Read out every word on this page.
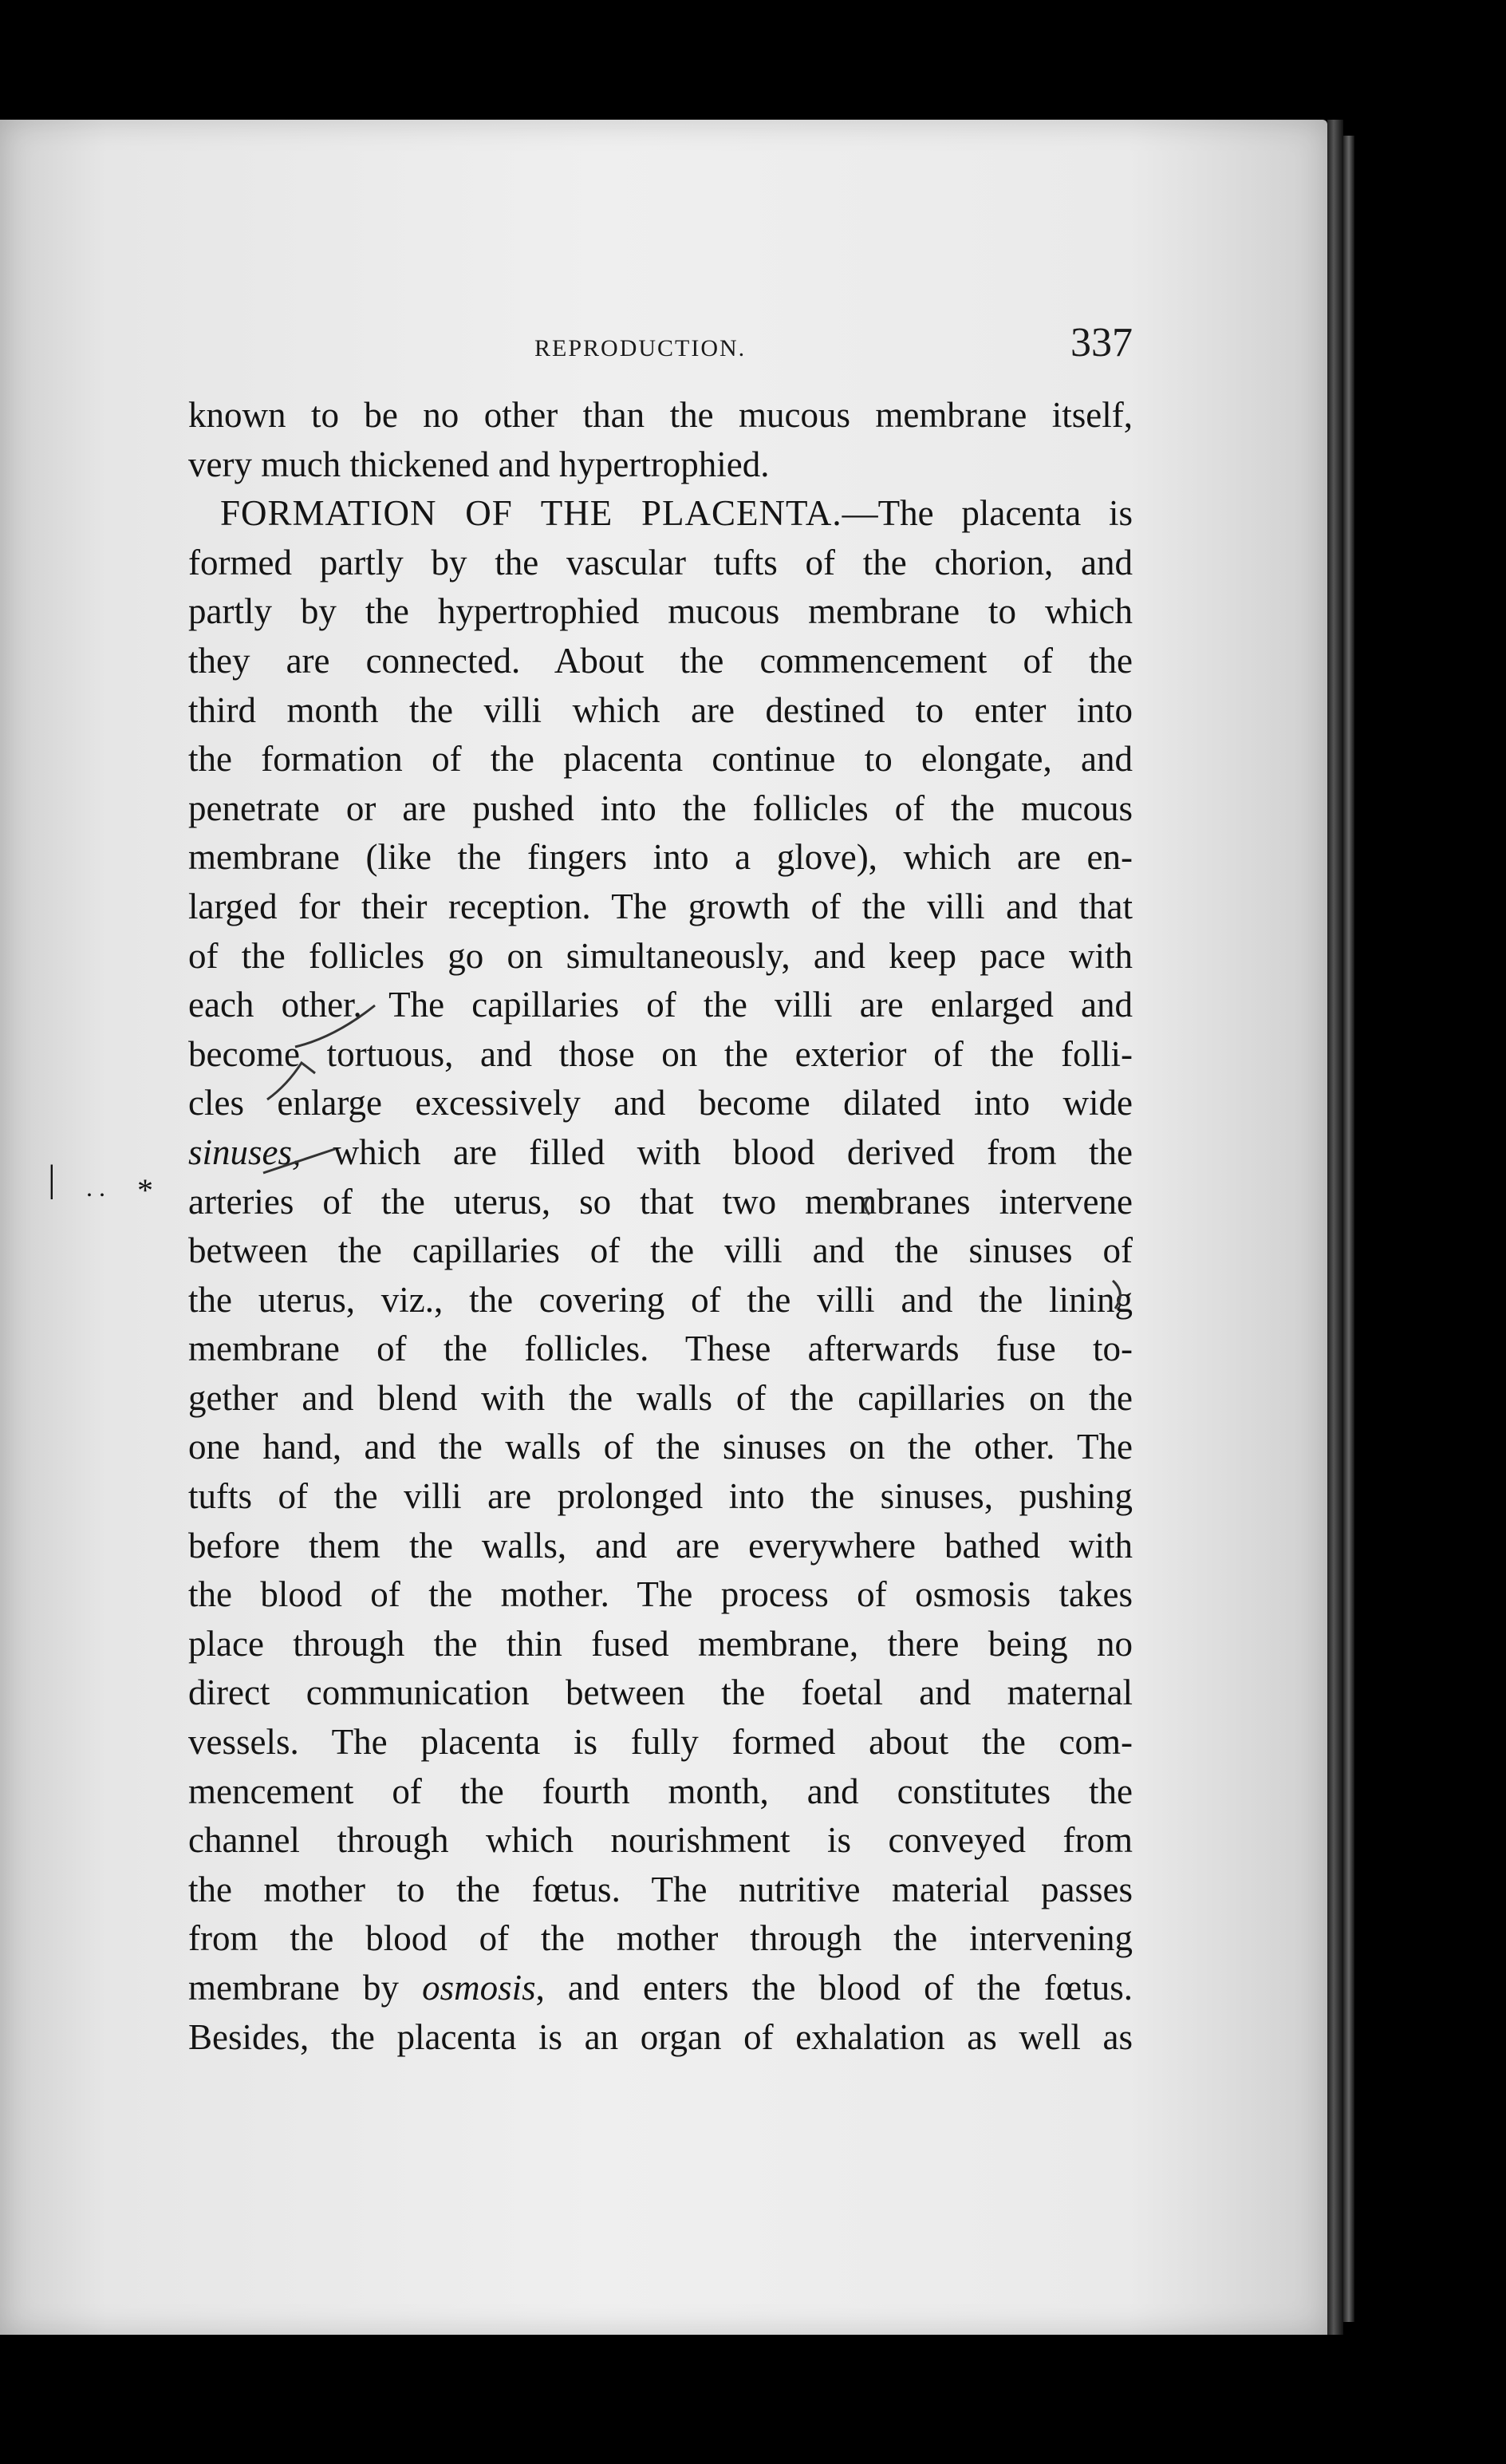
REPRODUCTION.	337
known to be no other than the mucous membrane itself,
very much thickened and hypertrophied.
FORMATION OF THE PLACENTA.—The placenta is
formed partly by the vascular tufts of the chorion, and
partly by the hypertrophied mucous membrane to which
they are connected. About the commencement of the
third month the villi which are destined to enter into
the formation of the placenta continue to elongate, and
penetrate or are pushed into the follicles of the mucous
membrane (like the fingers into a glove), which are en-
larged for their reception. The growth of the villi and that
of the follicles go on simultaneously, and keep pace with
each other. The capillaries of the villi are enlarged and
become tortuous, and those on the exterior of the folli-
cles enlarge excessively and become dilated into wide
sinuses, which are filled with blood derived from the
arteries of the uterus, so that two membranes intervene
between the capillaries of the villi and the sinuses of
the uterus, viz., the covering of the villi and the lining
membrane of the follicles. These afterwards fuse to-
gether and blend with the walls of the capillaries on the
one hand, and the walls of the sinuses on the other. The
tufts of the villi are prolonged into the sinuses, pushing
before them the walls, and are everywhere bathed with
the blood of the mother. The process of osmosis takes
place through the thin fused membrane, there being no
direct communication between the foetal and maternal
vessels. The placenta is fully formed about the com-
mencement of the fourth month, and constitutes the
channel through which nourishment is conveyed from
the mother to the fœtus. The nutritive material passes
from the blood of the mother through the intervening
membrane by osmosis, and enters the blood of the fœtus.
Besides, the placenta is an organ of exhalation as well as
| . . *
